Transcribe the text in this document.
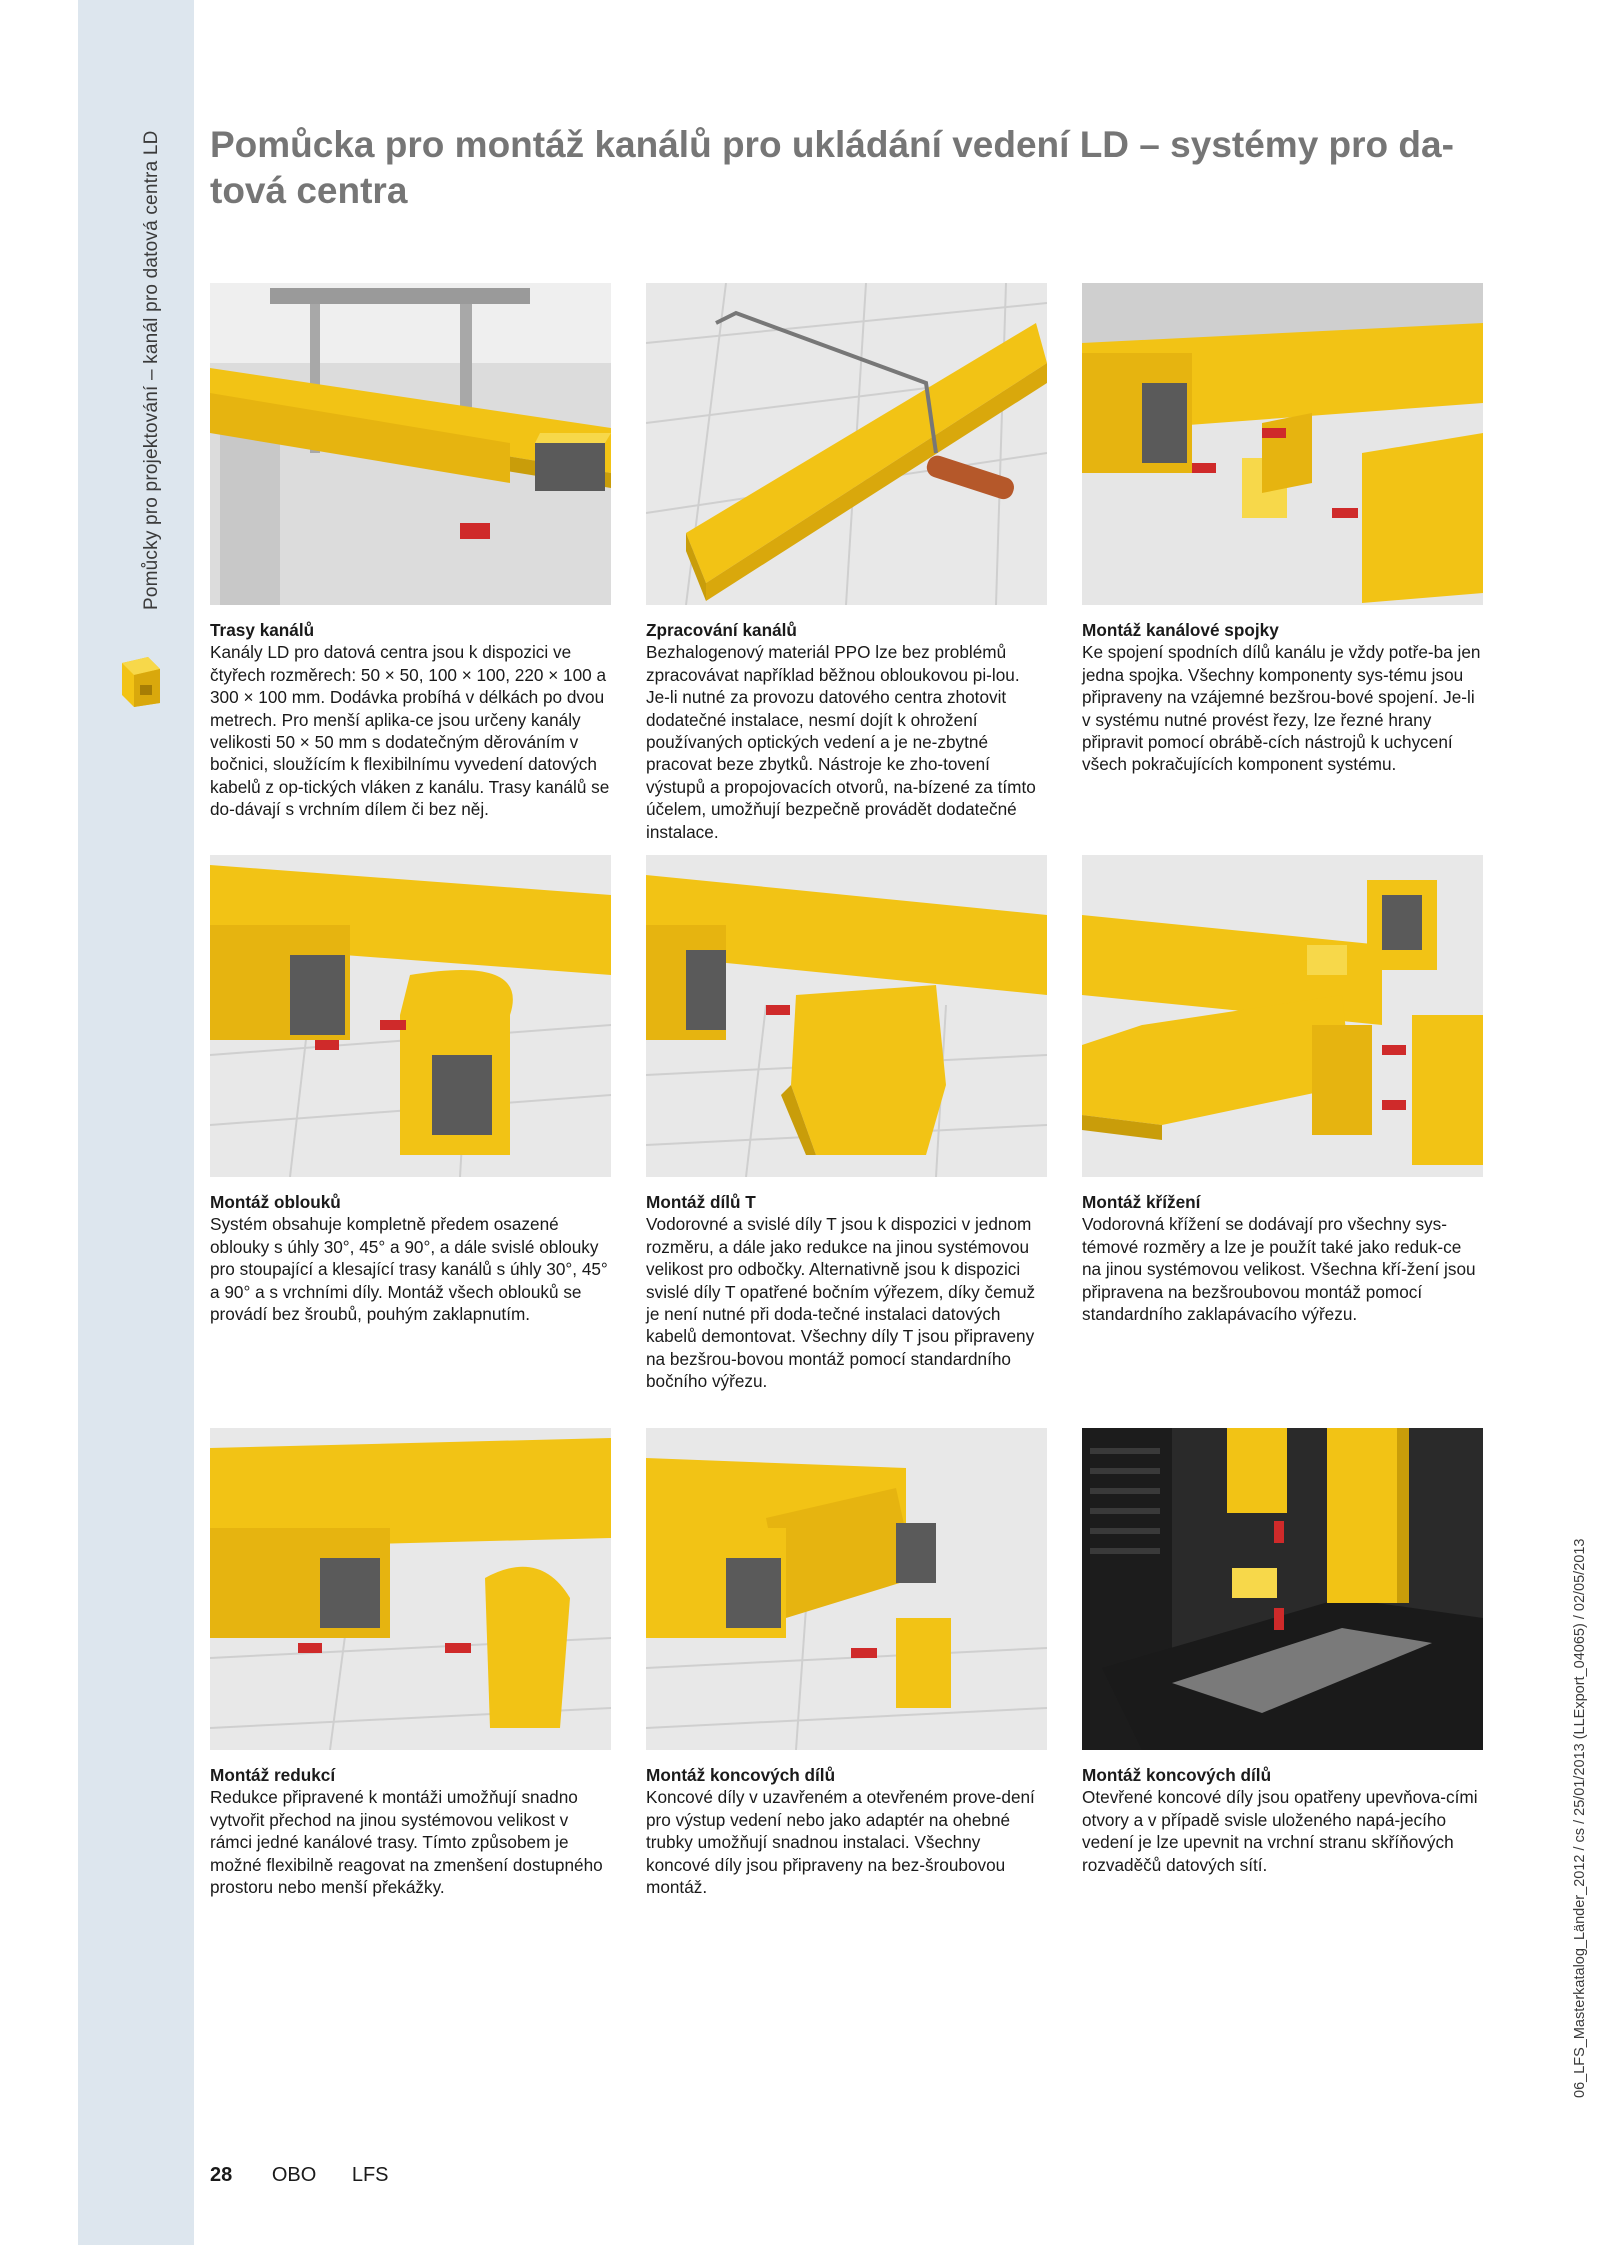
Pomůcky pro projektování – kanál pro datová centra LD Pomůcka pro montáž kanálů pro ukládání vedení LD – systémy pro da-tová centra
Trasy kanálů

Kanály LD pro datová centra jsou k dispozici ve čtyřech rozměrech: 50 × 50, 100 × 100, 220 × 100 a 300 × 100 mm. Dodávka probíhá v délkách po dvou metrech. Pro menší aplika-ce jsou určeny kanály velikosti 50 × 50 mm s dodatečným děrováním v bočnici, sloužícím k flexibilnímu vyvedení datových kabelů z op-tických vláken z kanálu. Trasy kanálů se do-dávají s vrchním dílem či bez něj.

Zpracování kanálů

Bezhalogenový materiál PPO lze bez problémů zpracovávat například běžnou obloukovou pi-lou. Je-li nutné za provozu datového centra zhotovit dodatečné instalace, nesmí dojít k ohrožení používaných optických vedení a je ne-zbytné pracovat beze zbytků. Nástroje ke zho-tovení výstupů a propojovacích otvorů, na-bízené za tímto účelem, umožňují bezpečně provádět dodatečné instalace.

Montáž kanálové spojky

Ke spojení spodních dílů kanálu je vždy potře-ba jen jedna spojka. Všechny komponenty sys-tému jsou připraveny na vzájemné bezšrou-bové spojení. Je-li v systému nutné provést řezy, lze řezné hrany připravit pomocí obrábě-cích nástrojů k uchycení všech pokračujících komponent systému.

Montáž oblouků

Systém obsahuje kompletně předem osazené oblouky s úhly 30°, 45° a 90°, a dále svislé oblouky pro stoupající a klesající trasy kanálů s úhly 30°, 45° a 90° a s vrchními díly. Montáž všech oblouků se provádí bez šroubů, pouhým zaklapnutím.

Montáž dílů T

Vodorovné a svislé díly T jsou k dispozici v jednom rozměru, a dále jako redukce na jinou systémovou velikost pro odbočky. Alternativně jsou k dispozici svislé díly T opatřené bočním výřezem, díky čemuž je není nutné při doda-tečné instalaci datových kabelů demontovat. Všechny díly T jsou připraveny na bezšrou-bovou montáž pomocí standardního bočního výřezu.

Montáž křížení

Vodorovná křížení se dodávají pro všechny sys-témové rozměry a lze je použít také jako reduk-ce na jinou systémovou velikost. Všechna kří-žení jsou připravena na bezšroubovou montáž pomocí standardního zaklapávacího výřezu.

Montáž redukcí

Redukce připravené k montáži umožňují snadno vytvořit přechod na jinou systémovou velikost v rámci jedné kanálové trasy. Tímto způsobem je možné flexibilně reagovat na zmenšení dostupného prostoru nebo menší překážky.

Montáž koncových dílů

Koncové díly v uzavřeném a otevřeném prove-dení pro výstup vedení nebo jako adaptér na ohebné trubky umožňují snadnou instalaci. Všechny koncové díly jsou připraveny na bez-šroubovou montáž.

Montáž koncových dílů

Otevřené koncové díly jsou opatřeny upevňova-cími otvory a v případě svisle uloženého napá-jecího vedení je lze upevnit na vrchní stranu skříňových rozvaděčů datových sítí.	06_LFS_Masterkatalog_Länder_2012 / cs / 25/01/2013 (LLExport_04065) / 02/05/2013
28 OBO LFS
